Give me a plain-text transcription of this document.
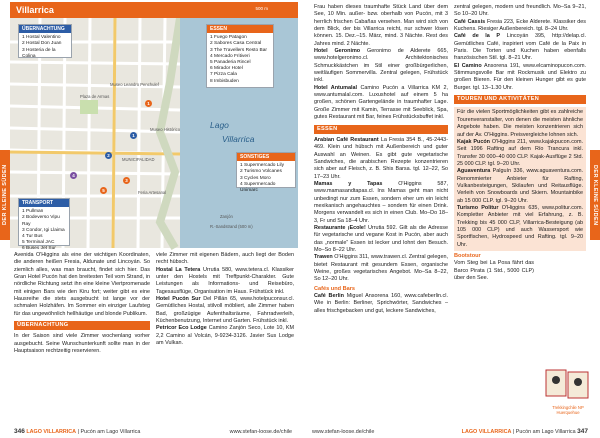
DER KLEINE SÜDEN
Villarrica	500 m
Lago
Villarrica
Plaza de Armas
MUNICIPALIDAD
Feria Artesanal
Museo Leandro Penchulef
Museo Histórico
Zanjón
R.-Sandstrand (500 m)
1
2
1
3
5
4
ÜBERNACHTUNG
1 Hostal Valentino
2 Hostal Don Juan
3 Hosteria de la Colina
ESSEN
1 Fuego Patagon
2 Sabores Casa Central
3 The Travellers Resto Bar
4 Mercado Fritiveri
5 Panaderia Rincel
6 Mirador Hotel
7 Pizza Cala
8 Imbisbuden
SONSTIGES
1 Supermercado Lily
2 Turismo Volcanes
3 Cycles Moro
4 Supermercado Unimarc
TRANSPORT
1 Pullman
2 Bodeverso Vipu Ray
3 Condor, Igi Llaima
4 Tur Bus
5 Terminal JAC
6 Buses Jet Sur

Avenida O'Higgins als eine der wichtigen Koordinaten, die anderen heißen Fresia, Aldunate und Lincoyán. So ziemlich alles, was man braucht, findet sich hier. Das Gran Hotel Pucón hat den breitesten Teil vom Strand, in nördliche Richtung setzt ihn eine kleine Viertpromenade mit einigen Bars wie den Kiru fort; weiter gibt es eine Hausreihe die stets ausgebucht ist lange vor der schmalen Holzhäfen. Im Sommer ein einziger Laufsteg für das ungewöhnlich hellhäutige und blonde Publikum.

ÜBERNACHTUNG

In der Saison sind viele Zimmer wochenlang vorher ausgebucht. Seine Wunschunterkunft sollte man in der Hauptsaison rechtzeitig reservieren.

viele Zimmer mit eigenen Bädern, auch liegt der Boden recht hübsch.

Hostal La Tetera Urrutia 580, www.tetera.cl. Klassiker unter den Hostels mit Treffpunkt-Charakter. Gute Leistungen als Informations- und Reisebüro, Tagesausflüge, Organisation im Haus. Frühstück inkl.

Hotel Pucón Sur Del Pillán 65, www.hotelpuconsur.cl. Gemütliches Hostal, stilvoll möbliert, alle Zimmer haben Bad, großzügige Aufenthaltsräume, Fahrradverleih, Küchenbenutzung, Internet und Garten. Frühstück inkl.

Petricor Eco Lodge Camino Zanjón Seco, Lote 10, KM 2,2 Camino al Volcán, 9-9234-3126. Javier Sus Lodge am Vulkan.

346 LAGO VILLARRICA | Pucón am Lago Villarrica	www.stefan-loose.de/chile
DER KLEINE SÜDEN

Frau haben dieses traumhafte Stück Land über dem See, 10 Min. außer- bzw. oberhalb von Pucón, mit 3 herrlich frischen Cabañas versehen. Man wird sich von dem Blick, der bis Villarrica reicht, nur schwer lösen können. 15. Dez.–15. März, mind. 3 Nächte. Rest des Jahres mind. 2 Nächte.

Hotel Geronimo Geronimo de Alderete 665, www.hotelgeronimo.cl. Architektonisches Schmuckkästchen im Stil einer großbürgerlichen, weitläufigen Sommervilla. Zentral gelegen, Frühstück inkl.

Hotel Antumalal Camino Pucón a Villarrica KM 2, www.antumalal.com. Luxushotel auf einem 5 ha großen, schönen Gartengelände in traumhafter Lage. Große Zimmer mit Kamin, Terrasse mit Seeblick, Spa, gutes Restaurant mit Bar, feines Frühstücksbuffet inkl.

ESSEN

Arabian Café Restaurant La Fresia 354 B., 45-2443-469. Klein und hübsch mit Außenbereich und guter Auswahl an Weinen. Es gibt gute vegetarische Sandwiches, die arabischen Rezepte konzentrieren sich aber auf Fleisch, z. B. Shis Barsa. tgl. 12–22, So 17–23 Uhr.

Mamas y Tapas	O'Higgins 587, www.mamasandtapas.cl. Ins Mamas geht man nicht unbedingt nur zum Essen, sondern eher um ein leicht mexikanisch angehauchtes – sondern für einen Drink. Morgens verwandelt es sich in einen Club. Mo–Do 18–3, Fr und Sa 18–4 Uhr.

Restaurante ¡Ecole! Urrutia 592. Gilt als die Adresse für vegetarische und vegane Kost in Pucón, aber auch das „normale“ Essen ist lecker und lohnt den Besuch. Mo–So 8–22 Uhr.

Trawen O'Higgins 311, www.trawen.cl. Zentral gelegen, bietet Restaurant mit gesundem Essen, organische Weine, großes vegetarisches Angebot. Mo–Sa 8–22, So 12–20 Uhr.

Cafés und Bars

Café Berlin Miguel Ansorena 160, www.cafeberlin.cl. Wie in Berlin: Berliner, Sprichwörter, Sandwiches – alles frischgebacken und gut, leckere Sandwiches,

zentral gelegen, modern und freundlich. Mo–Sa 9–21, So 10–20 Uhr.

Café Cassis Fresia 223, Ecke Alderete. Klassiker des Kuchens. Riesiger Außenbereich. tgl. 8–24 Uhr.

Café de la P Lincoyán 395, http://delap.cl. Gemütliches Café, inspiriert vom Café de la Paix in Paris. Die Torten und Kuchen haben ebenfalls französischen Stil. tgl. 8–21 Uhr.

El Camino Ansorena 191, www.elcaminopucon.com. Stimmungsvolle Bar mit Rockmusik und Elektro zu großen Bieren. Für den kleinen Hunger gibt es gute Burger. tgl. 13–1.30 Uhr.

TOUREN UND AKTIVITÄTEN

Für die vielen Sportmöglichkeiten gibt es zahlreiche Tourenveranstalter, von denen die meisten ähnliche Angebote haben. Die meisten konzentrieren sich auf der Av. O'Higgins. Preisvergleiche lohnen sich.

Kajak Pucón O'Higgins 211, www.kajakpucon.com. Seit 1996 Rafting auf dem Río Trancura inkl. Transfer 30 000–40 000 CLP. Kajak-Ausflüge 2 Std. 25 000 CLP. tgl. 9–20 Uhr.

Aguaventura Palguín 336, www.aguaventura.com. Renommierter Anbieter für Rafting, Vulkanbesteigungen, Skilaufen und Reitausflüge. Verleih von Snowboards und Skiern. Mountainbike ab 15 000 CLP. tgl. 9–20 Uhr.

Turismo Politur O'Higgins 635, www.politur.com. Kompletter Anbieter mit viel Erfahrung, z. B. Trekking bis 45 000 CLP, Villarrica-Besteigung (ab 105 000 CLP) und auch Wassersport wie Sportfischen, Hydrospeed und Rafting. tgl. 9–20 Uhr.

Bootstour

Vom Steg bei La Posa fährt das Barco Pirata (1 Std., 5000 CLP) über den See.

Trekkingchile NP Huerquehue
www.stefan-loose.de/chile	LAGO VILLARRICA | Pucón am Lago Villarrica 347
